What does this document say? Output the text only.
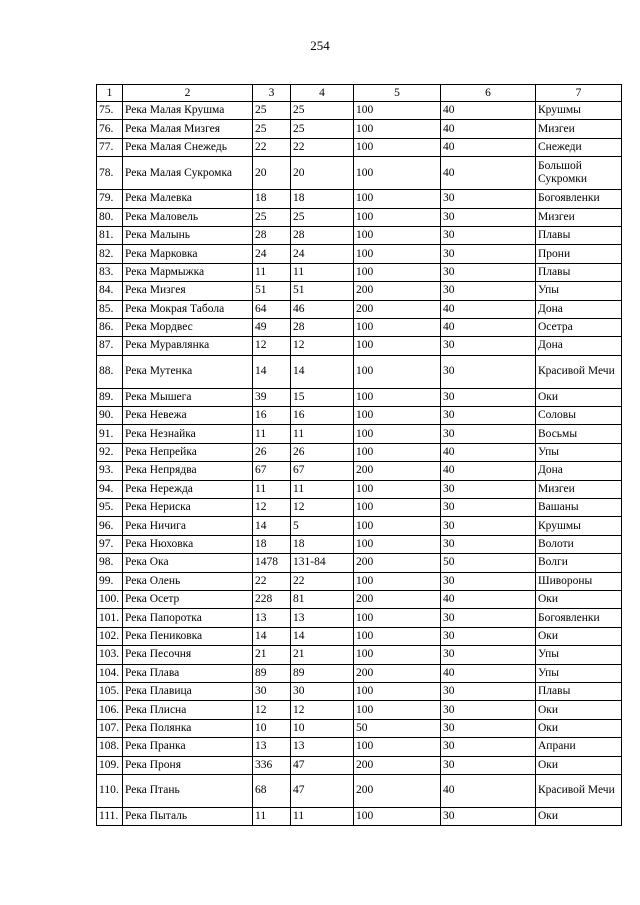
254
1	2	3	4	5	6	7
75.	Река Малая Крушма	25	25	100	40	Крушмы
76.	Река Малая Мизгея	25	25	100	40	Мизгеи
77.	Река Малая Снежедь	22	22	100	40	Снежеди
78.	Река Малая Сукромка	20	20	100	40	Большой Сукромки
79.	Река Малевка	18	18	100	30	Богоявленки
80.	Река Маловель	25	25	100	30	Мизгеи
81.	Река Малынь	28	28	100	30	Плавы
82.	Река Марковка	24	24	100	30	Прони
83.	Река Мармыжка	11	11	100	30	Плавы
84.	Река Мизгея	51	51	200	30	Упы
85.	Река Мокрая Табола	64	46	200	40	Дона
86.	Река Мордвес	49	28	100	40	Осетра
87.	Река Муравлянка	12	12	100	30	Дона
88.	Река Мутенка	14	14	100	30	Красивой Мечи
89.	Река Мышега	39	15	100	30	Оки
90.	Река Невежа	16	16	100	30	Соловы
91.	Река Незнайка	11	11	100	30	Восьмы
92.	Река Непрейка	26	26	100	40	Упы
93.	Река Непрядва	67	67	200	40	Дона
94.	Река Нережда	11	11	100	30	Мизгеи
95.	Река Нериска	12	12	100	30	Вашаны
96.	Река Ничига	14	5	100	30	Крушмы
97.	Река Нюховка	18	18	100	30	Волоти
98.	Река Ока	1478	131-84	200	50	Волги
99.	Река Олень	22	22	100	30	Шивороны
100.	Река Осетр	228	81	200	40	Оки
101.	Река Папоротка	13	13	100	30	Богоявленки
102.	Река Пениковка	14	14	100	30	Оки
103.	Река Песочня	21	21	100	30	Упы
104.	Река Плава	89	89	200	40	Упы
105.	Река Плавица	30	30	100	30	Плавы
106.	Река Плисна	12	12	100	30	Оки
107.	Река Полянка	10	10	50	30	Оки
108.	Река Пранка	13	13	100	30	Апрани
109.	Река Проня	336	47	200	30	Оки
110.	Река Птань	68	47	200	40	Красивой Мечи
111.	Река Пыталь	11	11	100	30	Оки
